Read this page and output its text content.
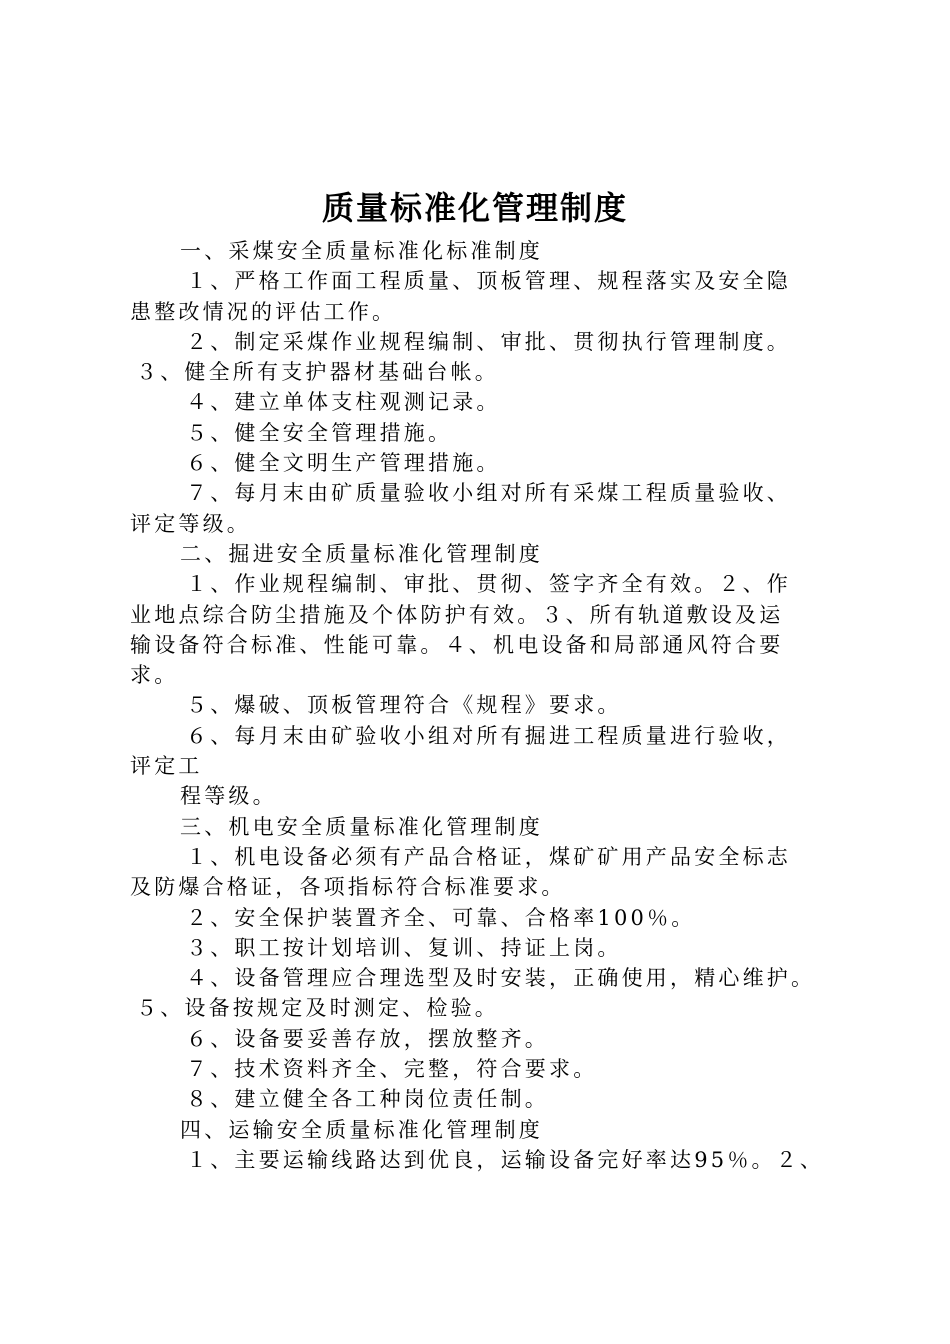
质量标准化管理制度
一、采煤安全质量标准化标准制度
１、严格工作面工程质量、顶板管理、规程落实及安全隐
患整改情况的评估工作。
２、制定采煤作业规程编制、审批、贯彻执行管理制度。
３、健全所有支护器材基础台帐。
４、建立单体支柱观测记录。
５、健全安全管理措施。
６、健全文明生产管理措施。
７、每月末由矿质量验收小组对所有采煤工程质量验收、
评定等级。
二、掘进安全质量标准化管理制度
１、作业规程编制、审批、贯彻、签字齐全有效。２、作
业地点综合防尘措施及个体防护有效。３、所有轨道敷设及运
输设备符合标准、性能可靠。４、机电设备和局部通风符合要
求。
５、爆破、顶板管理符合《规程》要求。
６、每月末由矿验收小组对所有掘进工程质量进行验收，
评定工
程等级。
三、机电安全质量标准化管理制度
１、机电设备必须有产品合格证，煤矿矿用产品安全标志
及防爆合格证，各项指标符合标准要求。
２、安全保护装置齐全、可靠、合格率100％。
３、职工按计划培训、复训、持证上岗。
４、设备管理应合理选型及时安装，正确使用，精心维护。
５、设备按规定及时测定、检验。
６、设备要妥善存放，摆放整齐。
７、技术资料齐全、完整，符合要求。
８、建立健全各工种岗位责任制。
四、运输安全质量标准化管理制度
１、主要运输线路达到优良，运输设备完好率达95％。２、
